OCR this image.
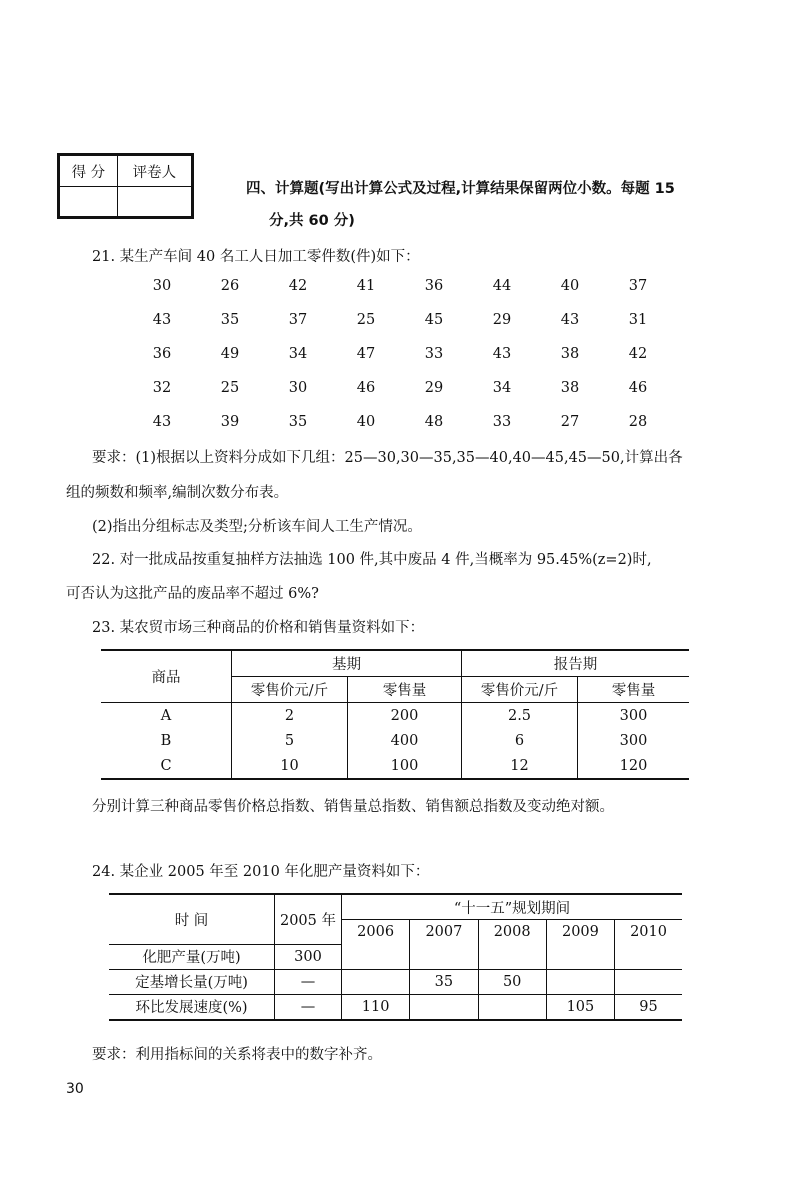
得 分	评卷人

四、计算题(写出计算公式及过程,计算结果保留两位小数。每题 15
分,共 60 分)
21. 某生产车间 40 名工人日加工零件数(件)如下：
30	26	42	41	36	44	40	37
43	35	37	25	45	29	43	31
36	49	34	47	33	43	38	42
32	25	30	46	29	34	38	46
43	39	35	40	48	33	27	28
要求：(1)根据以上资料分成如下几组：25—30,30—35,35—40,40—45,45—50,计算出各
组的频数和频率,编制次数分布表。
(2)指出分组标志及类型;分析该车间人工生产情况。
22. 对一批成品按重复抽样方法抽选 100 件,其中废品 4 件,当概率为 95.45%(z=2)时,
可否认为这批产品的废品率不超过 6%?
23. 某农贸市场三种商品的价格和销售量资料如下：
商品	基期		报告期	
	零售价元/斤	零售量	零售价元/斤	零售量
A	2	200	2.5	300
B	5	400	6	300
C	10	100	12	120
分别计算三种商品零售价格总指数、销售量总指数、销售额总指数及变动绝对额。
24. 某企业 2005 年至 2010 年化肥产量资料如下：
时 间	2005 年	“十一五”规划期间				
		2006	2007	2008	2009	2010
化肥产量(万吨)	300					
定基增长量(万吨)	—		35	50		
环比发展速度(%)	—	110			105	95
要求：利用指标间的关系将表中的数字补齐。
30
